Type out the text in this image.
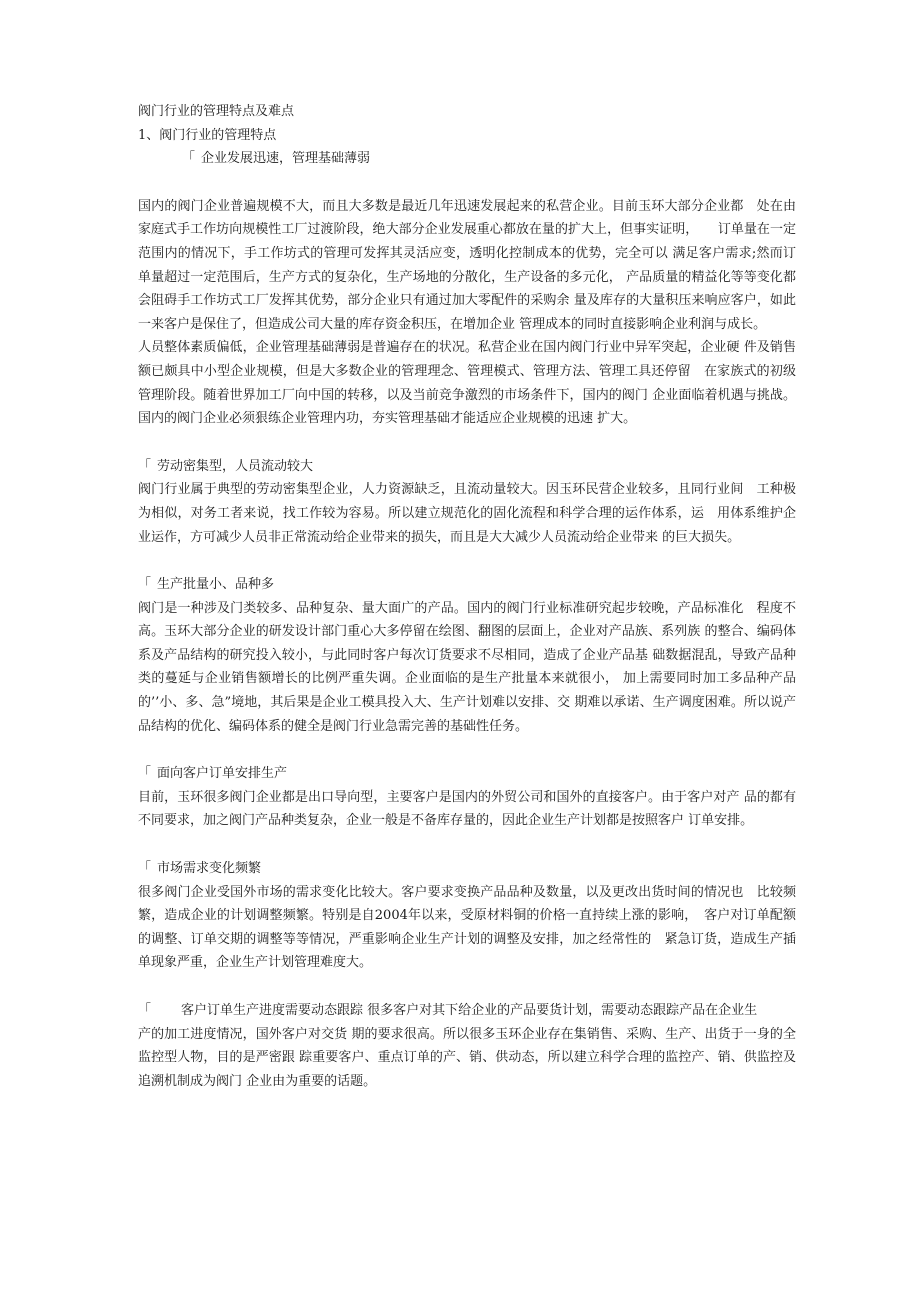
阀门行业的管理特点及难点
1、阀门行业的管理特点
「 企业发展迅速，管理基础薄弱
国内的阀门企业普遍规模不大，而且大多数是最近几年迅速发展起来的私营企业。目前玉环大部分企业都　处在由家庭式手工作坊向规模性工厂过渡阶段，绝大部分企业发展重心都放在量的扩大上，但事实证明，　　订单量在一定范围内的情况下，手工作坊式的管理可发挥其灵活应变，透明化控制成本的优势，完全可以 满足客户需求;然而订单量超过一定范围后，生产方式的复杂化，生产场地的分散化，生产设备的多元化， 产品质量的精益化等等变化都会阻碍手工作坊式工厂发挥其优势，部分企业只有通过加大零配件的采购余 量及库存的大量积压来响应客户，如此一来客户是保住了，但造成公司大量的库存资金积压，在增加企业 管理成本的同时直接影响企业利润与成长。
人员整体素质偏低，企业管理基础薄弱是普遍存在的状况。私营企业在国内阀门行业中异军突起，企业硬 件及销售额已颇具中小型企业规模，但是大多数企业的管理理念、管理模式、管理方法、管理工具还停留　在家族式的初级管理阶段。随着世界加工厂向中国的转移，以及当前竞争激烈的市场条件下，国内的阀门 企业面临着机遇与挑战。国内的阀门企业必须狠练企业管理内功，夯实管理基础才能适应企业规模的迅速 扩大。
「 劳动密集型，人员流动较大
阀门行业属于典型的劳动密集型企业，人力资源缺乏，且流动量较大。因玉环民营企业较多，且同行业间　工种极为相似，对务工者来说，找工作较为容易。所以建立规范化的固化流程和科学合理的运作体系，运　用体系维护企业运作，方可减少人员非正常流动给企业带来的损失，而且是大大减少人员流动给企业带来 的巨大损失。
「 生产批量小、品种多
阀门是一种涉及门类较多、品种复杂、量大面广的产品。国内的阀门行业标准研究起步较晚，产品标准化　程度不高。玉环大部分企业的研发设计部门重心大多停留在绘图、翻图的层面上，企业对产品族、系列族 的整合、编码体系及产品结构的研究投入较小，与此同时客户每次订货要求不尽相同，造成了企业产品基 础数据混乱，导致产品种类的蔓延与企业销售额增长的比例严重失调。企业面临的是生产批量本来就很小， 加上需要同时加工多品种产品的’’小、多、急”境地，其后果是企业工模具投入大、生产计划难以安排、交 期难以承诺、生产调度困难。所以说产品结构的优化、编码体系的健全是阀门行业急需完善的基础性任务。
「 面向客户订单安排生产
目前，玉环很多阀门企业都是出口导向型，主要客户是国内的外贸公司和国外的直接客户。由于客户对产 品的都有不同要求，加之阀门产品种类复杂，企业一般是不备库存量的，因此企业生产计划都是按照客户 订单安排。
「 市场需求变化频繁
很多阀门企业受国外市场的需求变化比较大。客户要求变换产品品种及数量，以及更改出货时间的情况也　比较频繁，造成企业的计划调整频繁。特别是自2004年以来，受原材料铜的价格一直持续上涨的影响，　客户对订单配额的调整、订单交期的调整等等情况，严重影响企业生产计划的调整及安排，加之经常性的　紧急订货，造成生产插单现象严重，企业生产计划管理难度大。
「 客户订单生产进度需要动态跟踪 很多客户对其下给企业的产品要货计划，需要动态跟踪产品在企业生
产的加工进度情况，国外客户对交货 期的要求很高。所以很多玉环企业存在集销售、采购、生产、出货于一身的全监控型人物，目的是严密跟 踪重要客户、重点订单的产、销、供动态，所以建立科学合理的监控产、销、供监控及追溯机制成为阀门 企业由为重要的话题。
